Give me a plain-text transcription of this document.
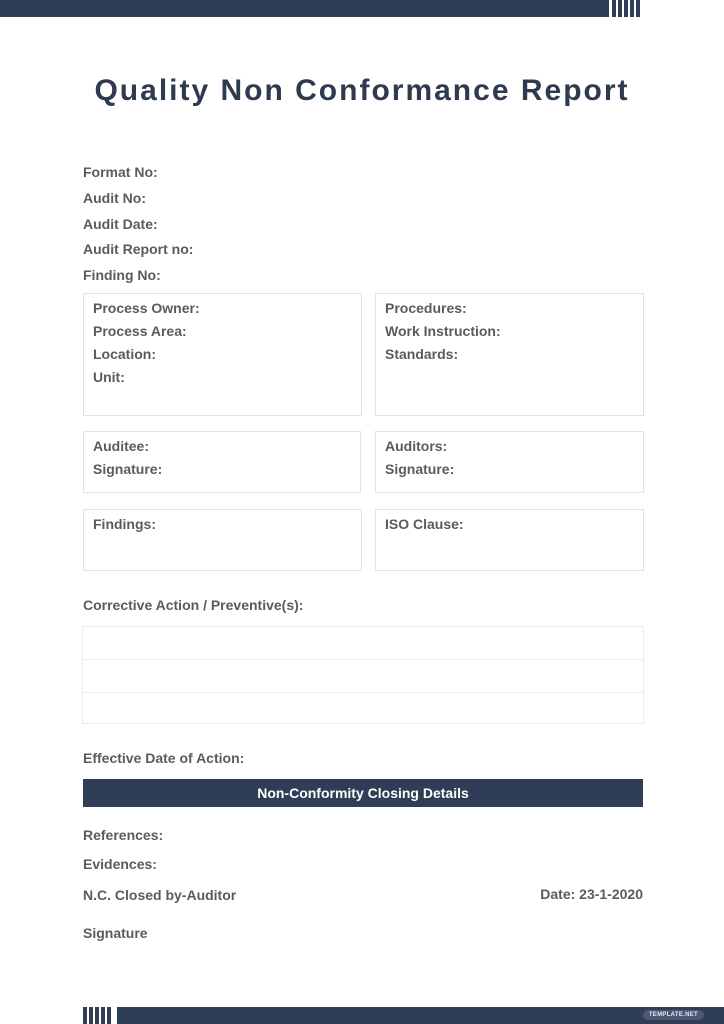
Quality Non Conformance Report
Format No:
Audit No:
Audit Date:
Audit Report no:
Finding No:
Process Owner:
Process Area:
Location:
Unit:
Procedures:
Work Instruction:
Standards:
Auditee:
Signature:
Auditors:
Signature:
Findings:	ISO Clause:
Corrective Action / Preventive(s):
Effective Date of Action:
Non-Conformity Closing Details
References:
Evidences:
N.C. Closed by-Auditor	Date: 23-1-2020
Signature
TEMPLATE.NET
